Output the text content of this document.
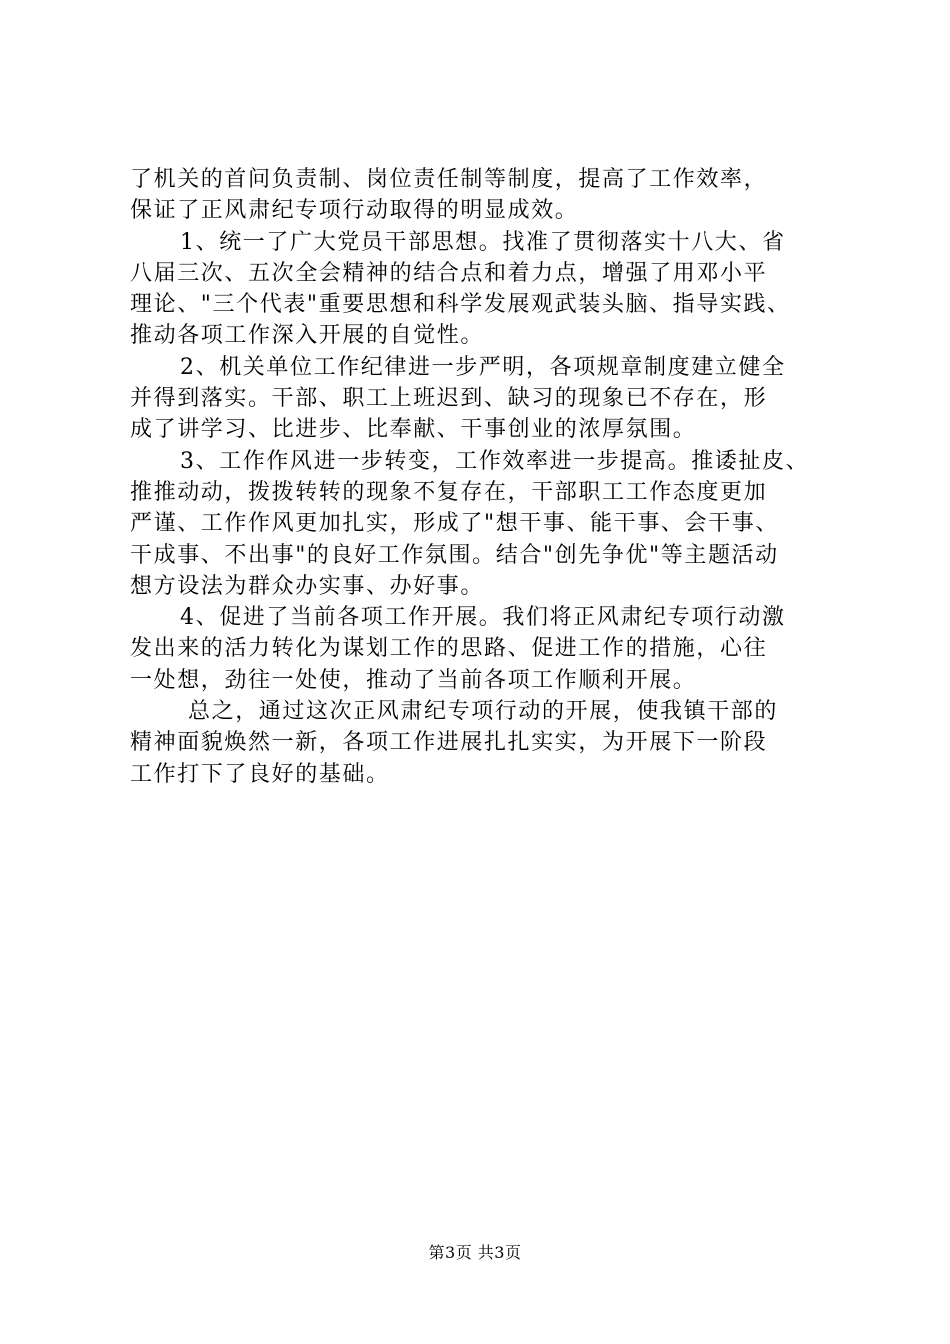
了机关的首问负责制、岗位责任制等制度，提高了工作效率，
保证了正风肃纪专项行动取得的明显成效。
1、统一了广大党员干部思想。找准了贯彻落实十八大、省
八届三次、五次全会精神的结合点和着力点，增强了用邓小平
理论、"三个代表"重要思想和科学发展观武装头脑、指导实践、
推动各项工作深入开展的自觉性。
2、机关单位工作纪律进一步严明，各项规章制度建立健全
并得到落实。干部、职工上班迟到、缺习的现象已不存在，形
成了讲学习、比进步、比奉献、干事创业的浓厚氛围。
3、工作作风进一步转变，工作效率进一步提高。推诿扯皮、
推推动动，拨拨转转的现象不复存在，干部职工工作态度更加
严谨、工作作风更加扎实，形成了"想干事、能干事、会干事、
干成事、不出事"的良好工作氛围。结合"创先争优"等主题活动
想方设法为群众办实事、办好事。
4、促进了当前各项工作开展。我们将正风肃纪专项行动激
发出来的活力转化为谋划工作的思路、促进工作的措施，心往
一处想，劲往一处使，推动了当前各项工作顺利开展。
总之，通过这次正风肃纪专项行动的开展，使我镇干部的
精神面貌焕然一新，各项工作进展扎扎实实，为开展下一阶段
工作打下了良好的基础。
第3页 共3页
